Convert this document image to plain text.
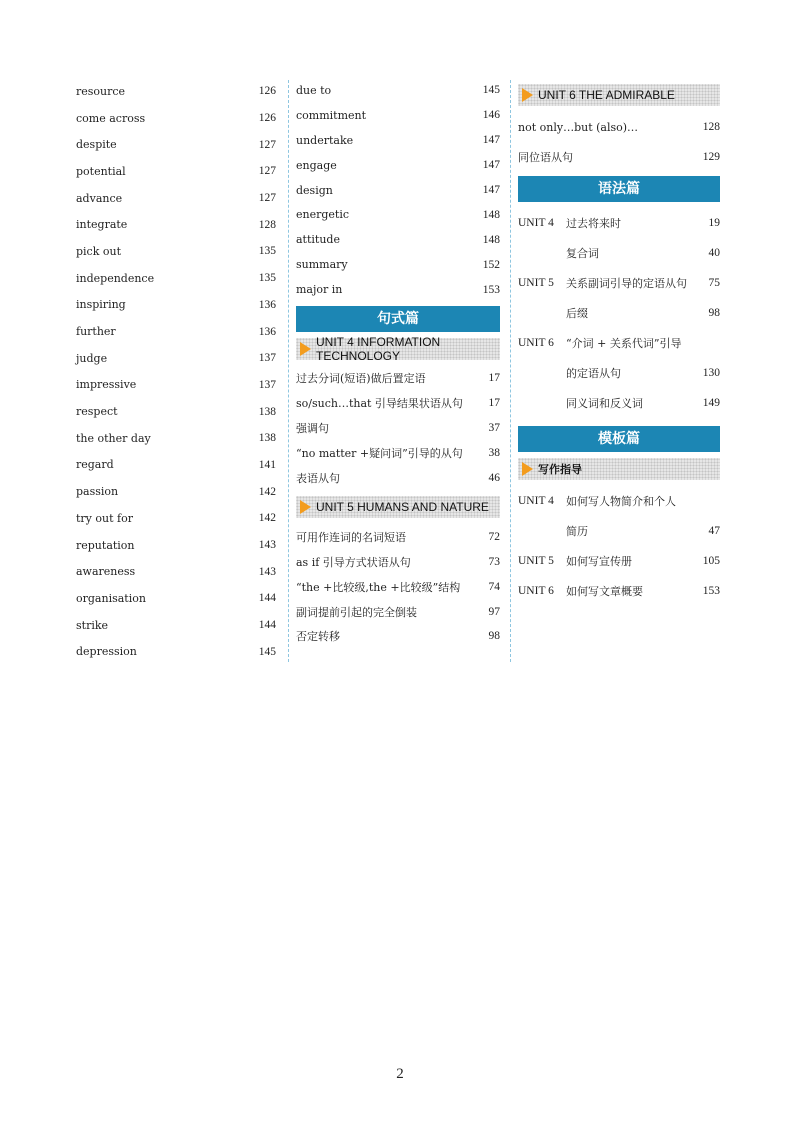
resource	126
come across	126
despite	127
potential	127
advance	127
integrate	128
pick out	135
independence	135
inspiring	136
further	136
judge	137
impressive	137
respect	138
the other day	138
regard	141
passion	142
try out for	142
reputation	143
awareness	143
organisation	144
strike	144
depression	145
due to	145
commitment	146
undertake	147
engage	147
design	147
energetic	148
attitude	148
summary	152
major in	153
句式篇
UNIT 4 INFORMATION TECHNOLOGY
过去分词(短语)做后置定语	17
so/such…that 引导结果状语从句 17
强调句	37
“no matter +疑问词”引导的从句 38
表语从句	46
UNIT 5 HUMANS AND NATURE
可用作连词的名词短语	72
as if 引导方式状语从句	73
“the +比较级,the +比较级”结构 74
副词提前引起的完全倒装	97
否定转移	98
UNIT 6 THE ADMIRABLE
not only…but (also)…	128
同位语从句	129
语法篇
UNIT 4	过去将来时	19
复合词	40
UNIT 5	关系副词引导的定语从句	75
后缀	98
UNIT 6	“介词 + 关系代词”引导
的定语从句	130
同义词和反义词	149
模板篇
写作指导
UNIT 4	如何写人物简介和个人
简历	47
UNIT 5	如何写宣传册	105
UNIT 6	如何写文章概要	153
2
